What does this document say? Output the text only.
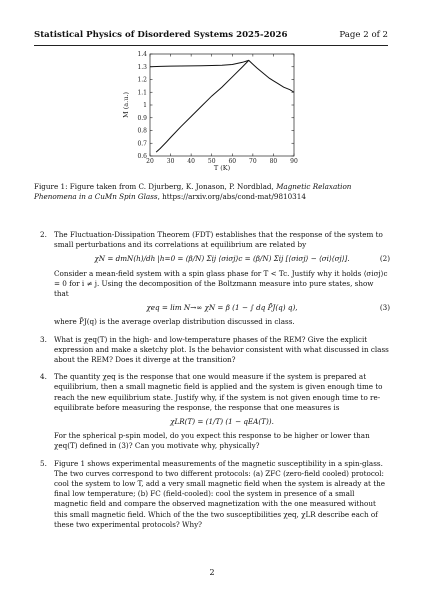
Statistical Physics of Disordered Systems 2025-2026	Page 2 of 2
20 30 40 50 60 70 80 90
0.6
0.7
0.8
0.9
1
1.1
1.2
1.3
1.4
T (K)
M (a.u.)
Figure 1: Figure taken from C. Djurberg, K. Jonason, P. Nordblad, Magnetic Relaxation Phenomena in a CuMn Spin Glass, https://arxiv.org/abs/cond-mat/9810314
2. The Fluctuation-Dissipation Theorem (FDT) establishes that the response of the system to small perturbations and its correlations at equilibrium are related by
χN = dmN(h)/dh |h=0 = (β/N) Σij ⟨σiσj⟩c = (β/N) Σij [⟨σiσj⟩ − ⟨σi⟩⟨σj⟩].	(2)
Consider a mean-field system with a spin glass phase for T < Tc. Justify why it holds ⟨σiσj⟩c = 0 for i ≠ j. Using the decomposition of the Boltzmann measure into pure states, show that
χeq = lim N→∞ χN = β (1 − ∫ dq P̄J(q) q),	(3)
where P̄J(q) is the average overlap distribution discussed in class.
3. What is χeq(T) in the high- and low-temperature phases of the REM? Give the explicit expression and make a sketchy plot. Is the behavior consistent with what discussed in class about the REM? Does it diverge at the transition?
4. The quantity χeq is the response that one would measure if the system is prepared at equilibrium, then a small magnetic field is applied and the system is given enough time to reach the new equilibrium state. Justify why, if the system is not given enough time to re-equilibrate before measuring the response, the response that one measures is
χLR(T) = (1/T) (1 − qEA(T)).
For the spherical p-spin model, do you expect this response to be higher or lower than χeq(T) defined in (3)? Can you motivate why, physically?
5. Figure 1 shows experimental measurements of the magnetic susceptibility in a spin-glass. The two curves correspond to two different protocols: (a) ZFC (zero-field cooled) protocol: cool the system to low T, add a very small magnetic field when the system is already at the final low temperature; (b) FC (field-cooled): cool the system in presence of a small magnetic field and compare the observed magnetization with the one measured without this small magnetic field. Which of the the two susceptibilities χeq, χLR describe each of these two experimental protocols? Why?
2
